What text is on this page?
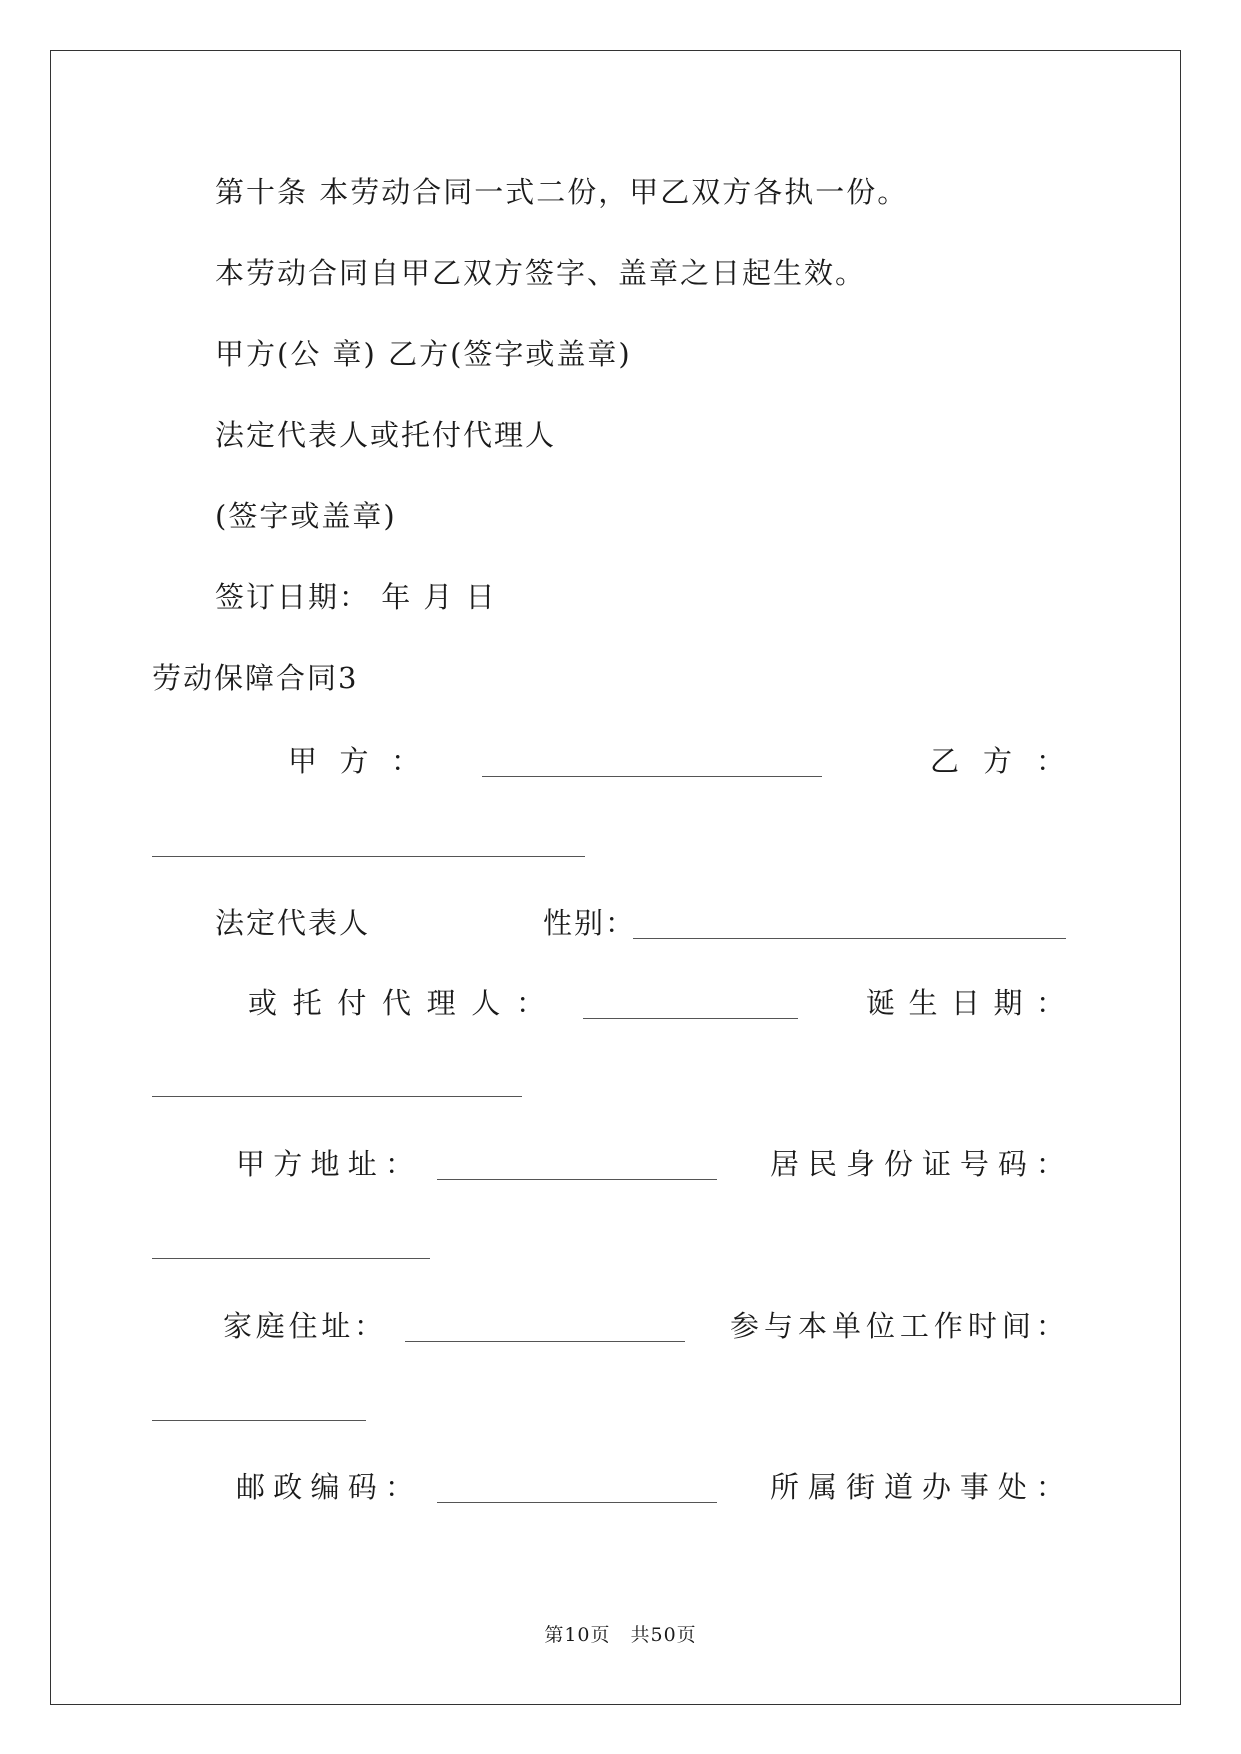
第十条 本劳动合同一式二份，甲乙双方各执一份。
本劳动合同自甲乙双方签字、盖章之日起生效。
甲方(公 章) 乙方(签字或盖章)
法定代表人或托付代理人
(签字或盖章)
签订日期： 年 月 日
劳动保障合同3
甲 方 ：	乙 方 ：
法定代表人	性别：
或 托 付 代 理 人 ：	诞 生 日 期 ：
甲 方 地 址 ：	居 民 身 份 证 号 码 ：
家 庭 住 址 ：	参 与 本 单 位 工 作 时 间 ：
邮 政 编 码 ：	所 属 街 道 办 事 处 ：
第10页　共50页
